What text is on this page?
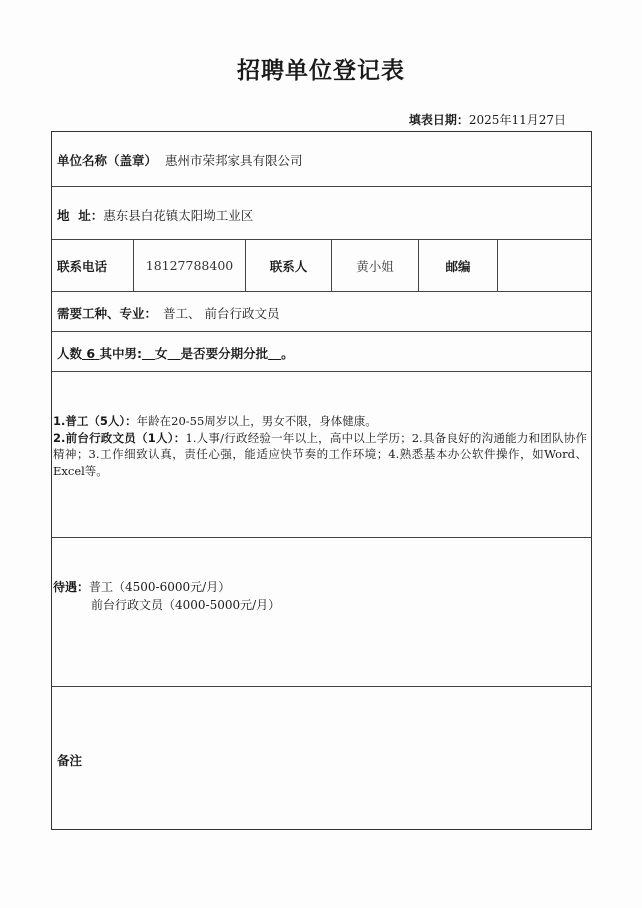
招聘单位登记表
填表日期：2025年11月27日
单位名称（盖章） 惠州市荣邦家具有限公司
地  址：惠东县白花镇太阳坳工业区
联系电话	18127788400	联系人	黄小姐	邮编
需要工种、专业： 普工、 前台行政文员
人数 6 其中男: 女 是否要分期分批 。
1.普工（5人）：年龄在20-55周岁以上，男女不限，身体健康。
2.前台行政文员（1人）：1.人事/行政经验一年以上，高中以上学历；2.具备良好的沟通能力和团队协作精神；3.工作细致认真，责任心强，能适应快节奏的工作环境；4.熟悉基本办公软件操作，如Word、Excel等。
待遇：普工（4500-6000元/月）
前台行政文员（4000-5000元/月）
备注
